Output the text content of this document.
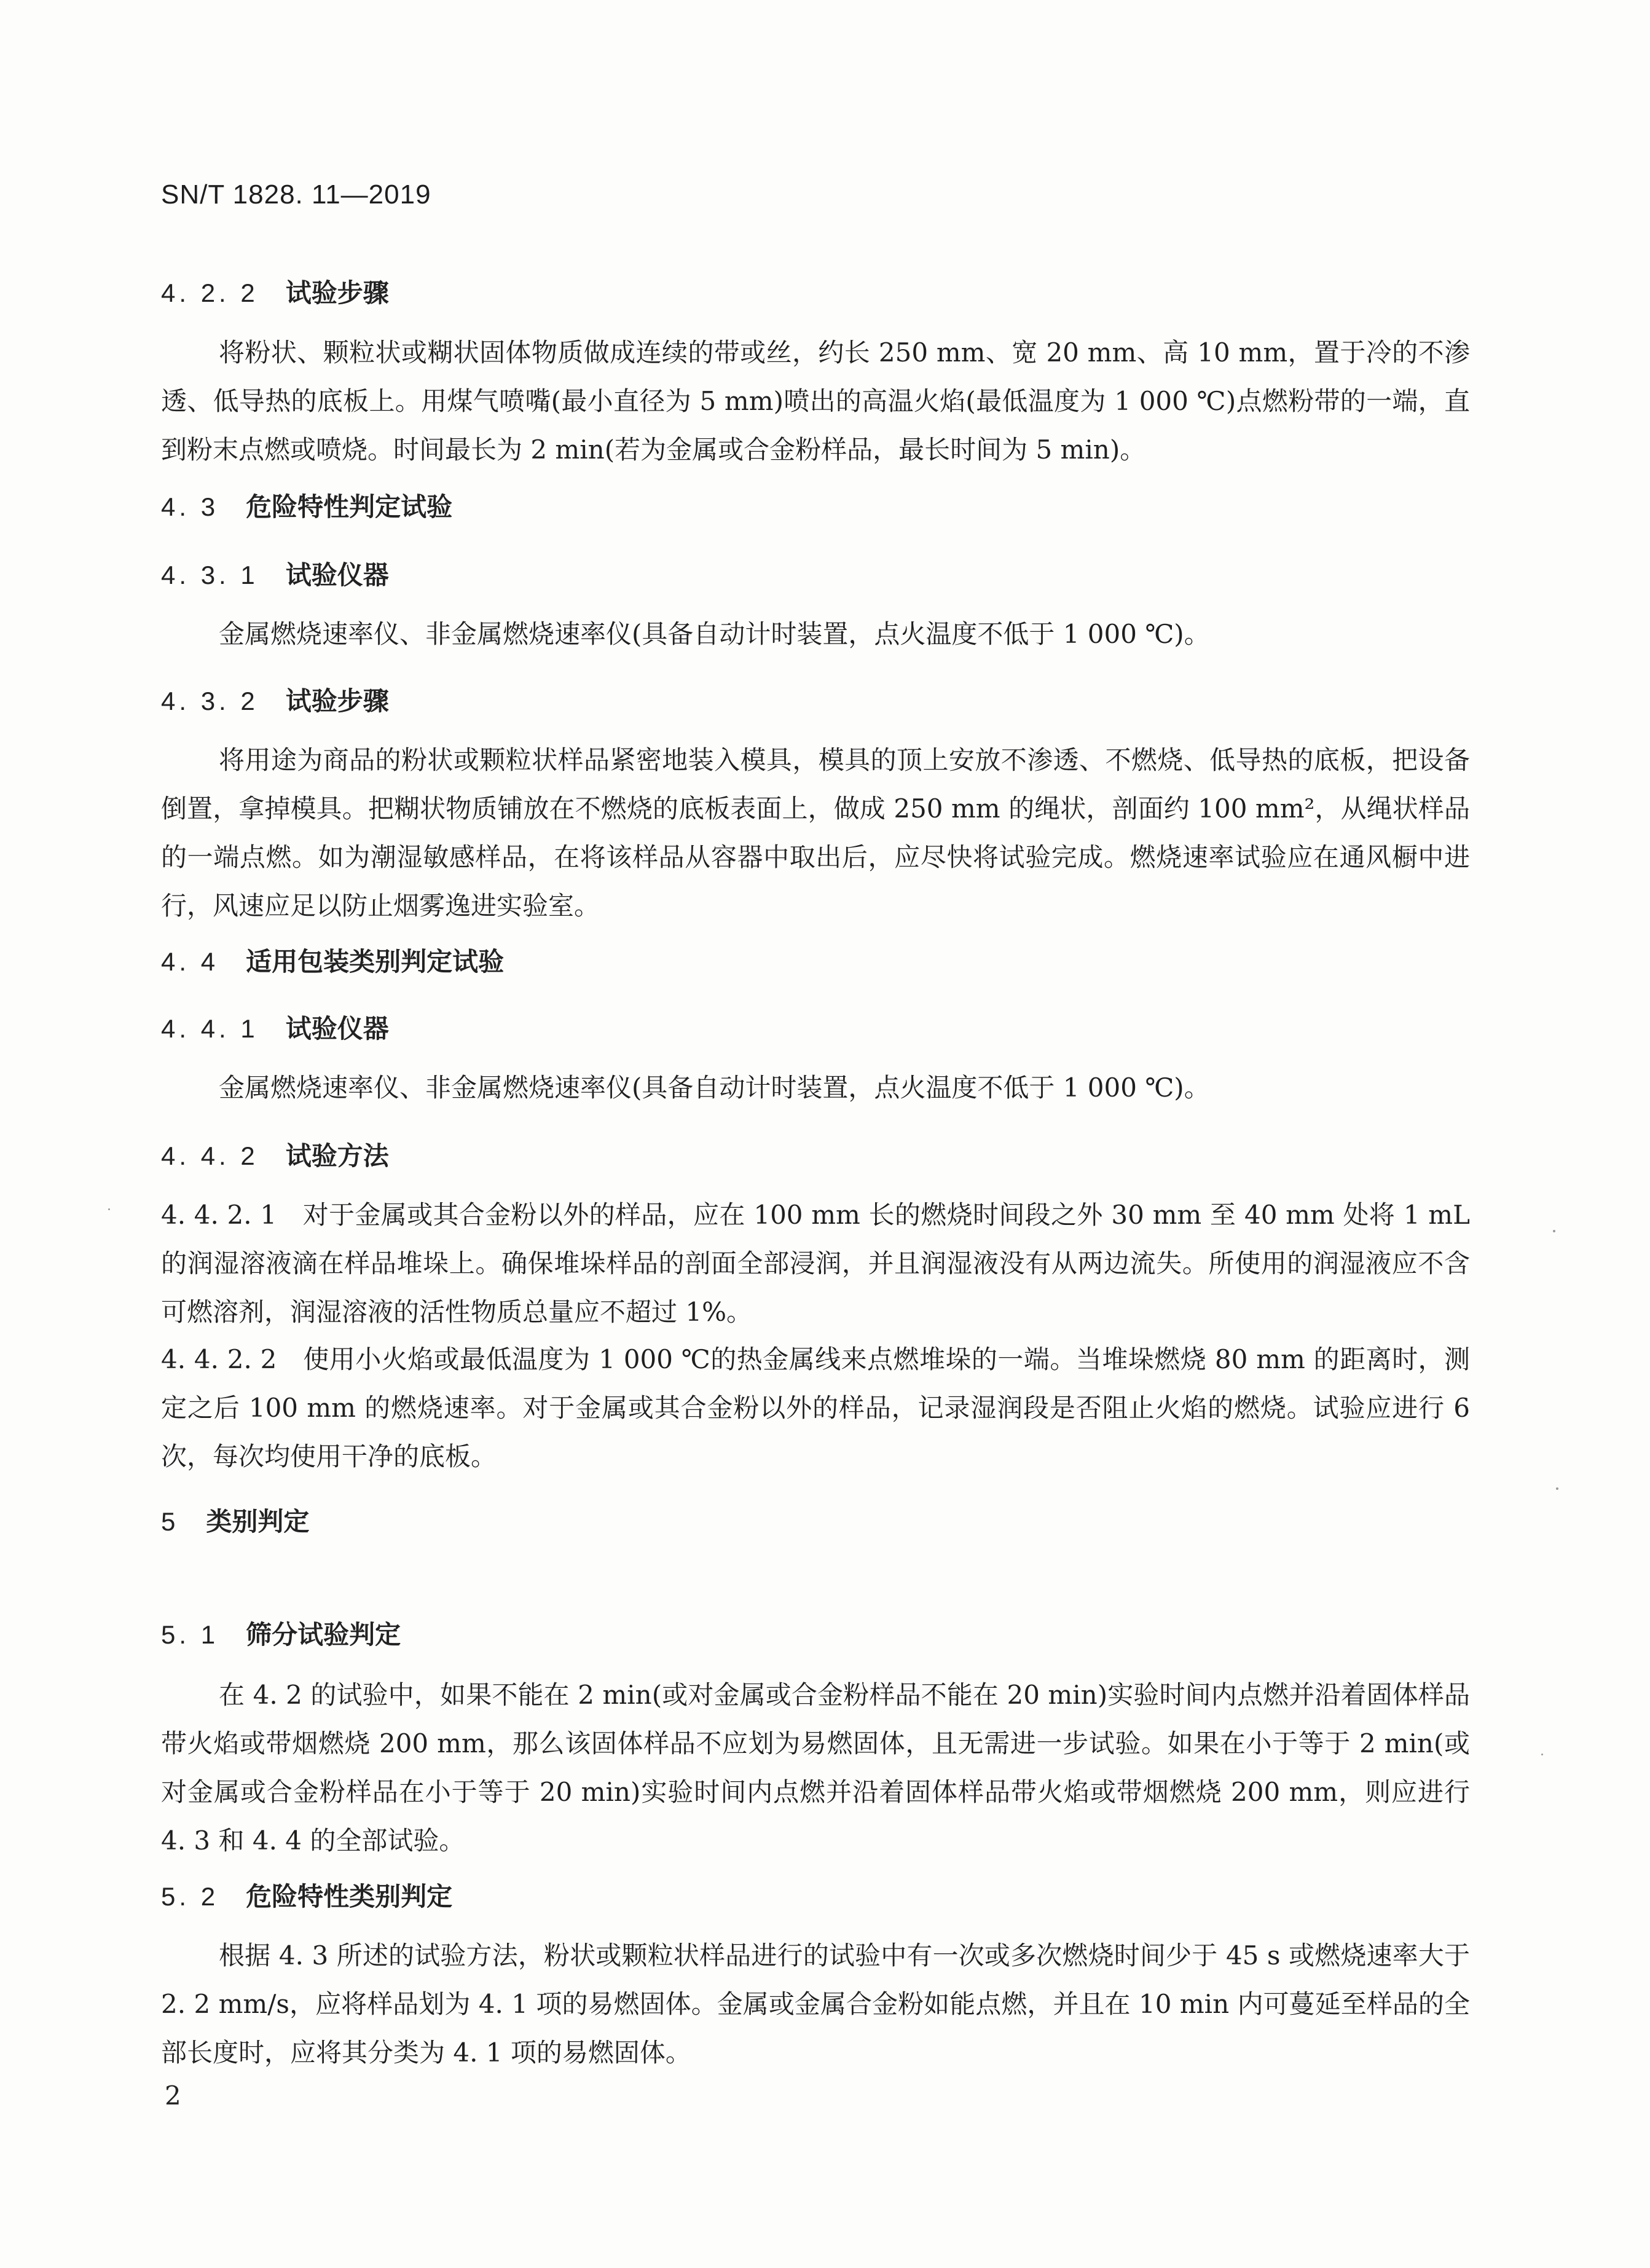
SN/T 1828. 11—2019
4. 2. 2 试验步骤

将粉状、颗粒状或糊状固体物质做成连续的带或丝，约长 250 mm、宽 20 mm、高 10 mm，置于冷的不渗透、低导热的底板上。用煤气喷嘴(最小直径为 5 mm)喷出的高温火焰(最低温度为 1 000 ℃)点燃粉带的一端，直到粉末点燃或喷烧。时间最长为 2 min(若为金属或合金粉样品，最长时间为 5 min)。

4. 3 危险特性判定试验
4. 3. 1 试验仪器

金属燃烧速率仪、非金属燃烧速率仪(具备自动计时装置，点火温度不低于 1 000 ℃)。

4. 3. 2 试验步骤

将用途为商品的粉状或颗粒状样品紧密地装入模具，模具的顶上安放不渗透、不燃烧、低导热的底板，把设备倒置，拿掉模具。把糊状物质铺放在不燃烧的底板表面上，做成 250 mm 的绳状，剖面约 100 mm²，从绳状样品的一端点燃。如为潮湿敏感样品，在将该样品从容器中取出后，应尽快将试验完成。燃烧速率试验应在通风橱中进行，风速应足以防止烟雾逸进实验室。

4. 4 适用包装类别判定试验
4. 4. 1 试验仪器

金属燃烧速率仪、非金属燃烧速率仪(具备自动计时装置，点火温度不低于 1 000 ℃)。

4. 4. 2 试验方法

4. 4. 2. 1　对于金属或其合金粉以外的样品，应在 100 mm 长的燃烧时间段之外 30 mm 至 40 mm 处将 1 mL 的润湿溶液滴在样品堆垛上。确保堆垛样品的剖面全部浸润，并且润湿液没有从两边流失。所使用的润湿液应不含可燃溶剂，润湿溶液的活性物质总量应不超过 1%。

4. 4. 2. 2　使用小火焰或最低温度为 1 000 ℃的热金属线来点燃堆垛的一端。当堆垛燃烧 80 mm 的距离时，测定之后 100 mm 的燃烧速率。对于金属或其合金粉以外的样品，记录湿润段是否阻止火焰的燃烧。试验应进行 6 次，每次均使用干净的底板。

5 类别判定
5. 1 筛分试验判定

在 4. 2 的试验中，如果不能在 2 min(或对金属或合金粉样品不能在 20 min)实验时间内点燃并沿着固体样品带火焰或带烟燃烧 200 mm，那么该固体样品不应划为易燃固体，且无需进一步试验。如果在小于等于 2 min(或对金属或合金粉样品在小于等于 20 min)实验时间内点燃并沿着固体样品带火焰或带烟燃烧 200 mm，则应进行 4. 3 和 4. 4 的全部试验。

5. 2 危险特性类别判定

根据 4. 3 所述的试验方法，粉状或颗粒状样品进行的试验中有一次或多次燃烧时间少于 45 s 或燃烧速率大于 2. 2 mm/s，应将样品划为 4. 1 项的易燃固体。金属或金属合金粉如能点燃，并且在 10 min 内可蔓延至样品的全部长度时，应将其分类为 4. 1 项的易燃固体。

2
